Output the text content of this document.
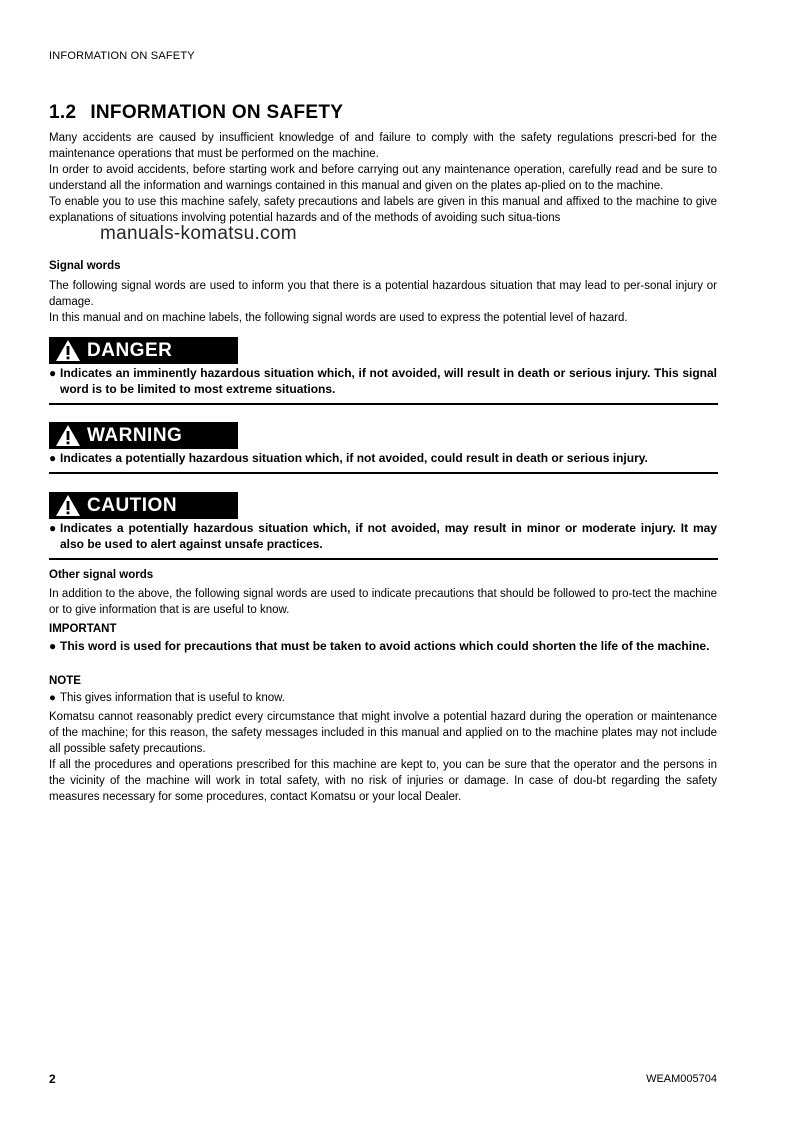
INFORMATION ON SAFETY
1.2 INFORMATION ON SAFETY

Many accidents are caused by insufficient knowledge of and failure to comply with the safety regulations prescri-bed for the maintenance operations that must be performed on the machine.

In order to avoid accidents, before starting work and before carrying out any maintenance operation, carefully read and be sure to understand all the information and warnings contained in this manual and given on the plates ap-plied on to the machine.

To enable you to use this machine safely, safety precautions and labels are given in this manual and affixed to the machine to give explanations of situations involving potential hazards and of the methods of avoiding such situa-tions

manuals-komatsu.com
Signal words

The following signal words are used to inform you that there is a potential hazardous situation that may lead to per-sonal injury or damage.

In this manual and on machine labels, the following signal words are used to express the potential level of hazard.

DANGER
● Indicates an imminently hazardous situation which, if not avoided, will result in death or serious injury. This signal word is to be limited to most extreme situations.
WARNING
● Indicates a potentially hazardous situation which, if not avoided, could result in death or serious injury.
CAUTION
● Indicates a potentially hazardous situation which, if not avoided, may result in minor or moderate injury. It may also be used to alert against unsafe practices.
Other signal words
In addition to the above, the following signal words are used to indicate precautions that should be followed to pro-tect the machine or to give information that is are useful to know.
IMPORTANT
● This word is used for precautions that must be taken to avoid actions which could shorten the life of the machine.
NOTE
● This gives information that is useful to know.

Komatsu cannot reasonably predict every circumstance that might involve a potential hazard during the operation or maintenance of the machine; for this reason, the safety messages included in this manual and applied on to the machine plates may not include all possible safety precautions.

If all the procedures and operations prescribed for this machine are kept to, you can be sure that the operator and the persons in the vicinity of the machine will work in total safety, with no risk of injuries or damage. In case of dou-bt regarding the safety measures necessary for some procedures, contact Komatsu or your local Dealer.

2	WEAM005704
